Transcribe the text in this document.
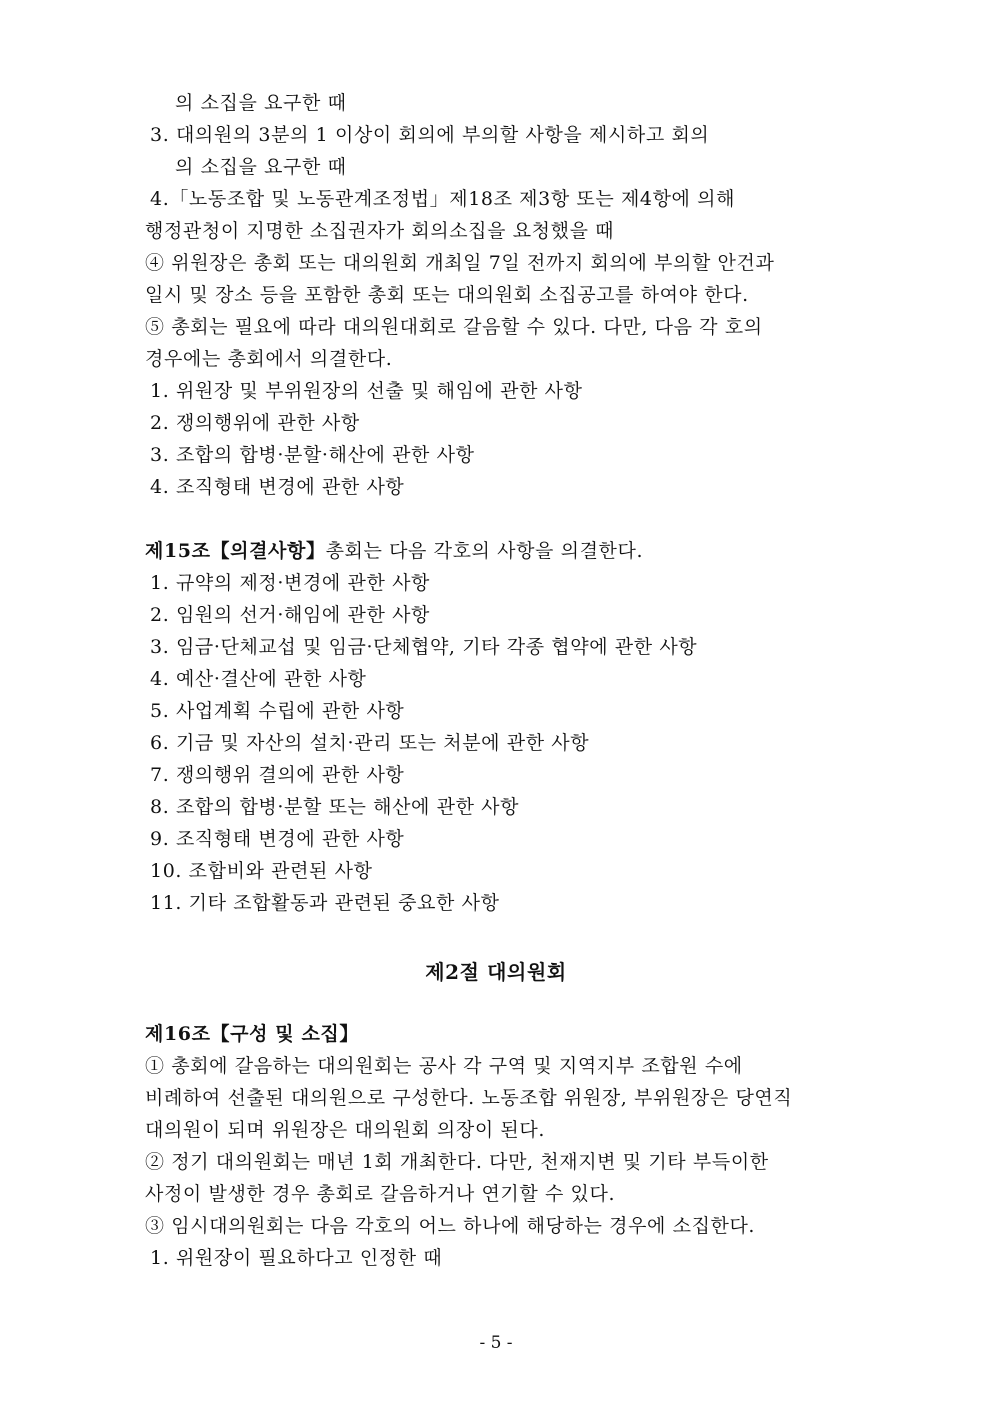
의 소집을 요구한 때
3. 대의원의 3분의 1 이상이 회의에 부의할 사항을 제시하고 회의
의 소집을 요구한 때
4.「노동조합 및 노동관계조정법」제18조 제3항 또는 제4항에 의해
행정관청이 지명한 소집권자가 회의소집을 요청했을 때
④ 위원장은 총회 또는 대의원회 개최일 7일 전까지 회의에 부의할 안건과
일시 및 장소 등을 포함한 총회 또는 대의원회 소집공고를 하여야 한다.
⑤ 총회는 필요에 따라 대의원대회로 갈음할 수 있다. 다만, 다음 각 호의
경우에는 총회에서 의결한다.
1. 위원장 및 부위원장의 선출 및 해임에 관한 사항
2. 쟁의행위에 관한 사항
3. 조합의 합병·분할·해산에 관한 사항
4. 조직형태 변경에 관한 사항
제15조【의결사항】총회는 다음 각호의 사항을 의결한다.
1. 규약의 제정·변경에 관한 사항
2. 임원의 선거·해임에 관한 사항
3. 임금·단체교섭 및 임금·단체협약, 기타 각종 협약에 관한 사항
4. 예산·결산에 관한 사항
5. 사업계획 수립에 관한 사항
6. 기금 및 자산의 설치·관리 또는 처분에 관한 사항
7. 쟁의행위 결의에 관한 사항
8. 조합의 합병·분할 또는 해산에 관한 사항
9. 조직형태 변경에 관한 사항
10. 조합비와 관련된 사항
11. 기타 조합활동과 관련된 중요한 사항
제2절 대의원회
제16조【구성 및 소집】
① 총회에 갈음하는 대의원회는 공사 각 구역 및 지역지부 조합원 수에
비례하여 선출된 대의원으로 구성한다. 노동조합 위원장, 부위원장은 당연직
대의원이 되며 위원장은 대의원회 의장이 된다.
② 정기 대의원회는 매년 1회 개최한다. 다만, 천재지변 및 기타 부득이한
사정이 발생한 경우 총회로 갈음하거나 연기할 수 있다.
③ 임시대의원회는 다음 각호의 어느 하나에 해당하는 경우에 소집한다.
1. 위원장이 필요하다고 인정한 때
- 5 -
